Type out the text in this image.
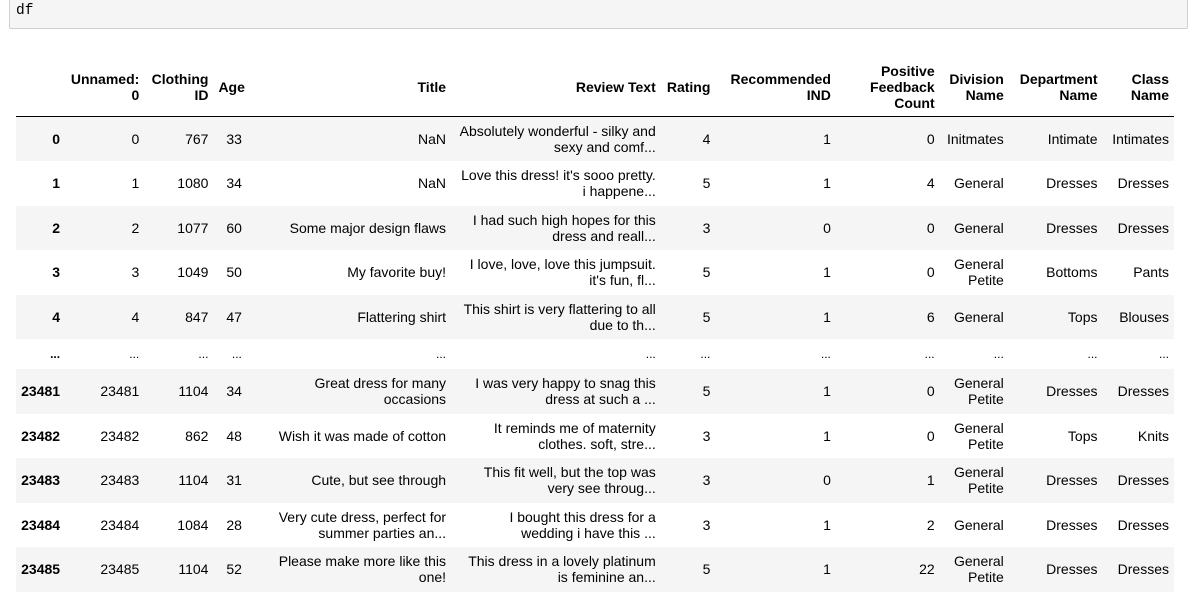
df
	Unnamed: 0	Clothing ID	Age	Title	Review Text	Rating	Recommended IND	Positive Feedback Count	Division Name	Department Name	Class Name
0	0	767	33	NaN	Absolutely wonderful - silky and sexy and comf...	4	1	0	Initmates	Intimate	Intimates
1	1	1080	34	NaN	Love this dress! it's sooo pretty. i happene...	5	1	4	General	Dresses	Dresses
2	2	1077	60	Some major design flaws	I had such high hopes for this dress and reall...	3	0	0	General	Dresses	Dresses
3	3	1049	50	My favorite buy!	I love, love, love this jumpsuit. it's fun, fl...	5	1	0	General Petite	Bottoms	Pants
4	4	847	47	Flattering shirt	This shirt is very flattering to all due to th...	5	1	6	General	Tops	Blouses
...	...	...	...	...	...	...	...	...	...	...	...
23481	23481	1104	34	Great dress for many occasions	I was very happy to snag this dress at such a ...	5	1	0	General Petite	Dresses	Dresses
23482	23482	862	48	Wish it was made of cotton	It reminds me of maternity clothes. soft, stre...	3	1	0	General Petite	Tops	Knits
23483	23483	1104	31	Cute, but see through	This fit well, but the top was very see throug...	3	0	1	General Petite	Dresses	Dresses
23484	23484	1084	28	Very cute dress, perfect for summer parties an...	I bought this dress for a wedding i have this ...	3	1	2	General	Dresses	Dresses
23485	23485	1104	52	Please make more like this one!	This dress in a lovely platinum is feminine an...	5	1	22	General Petite	Dresses	Dresses
